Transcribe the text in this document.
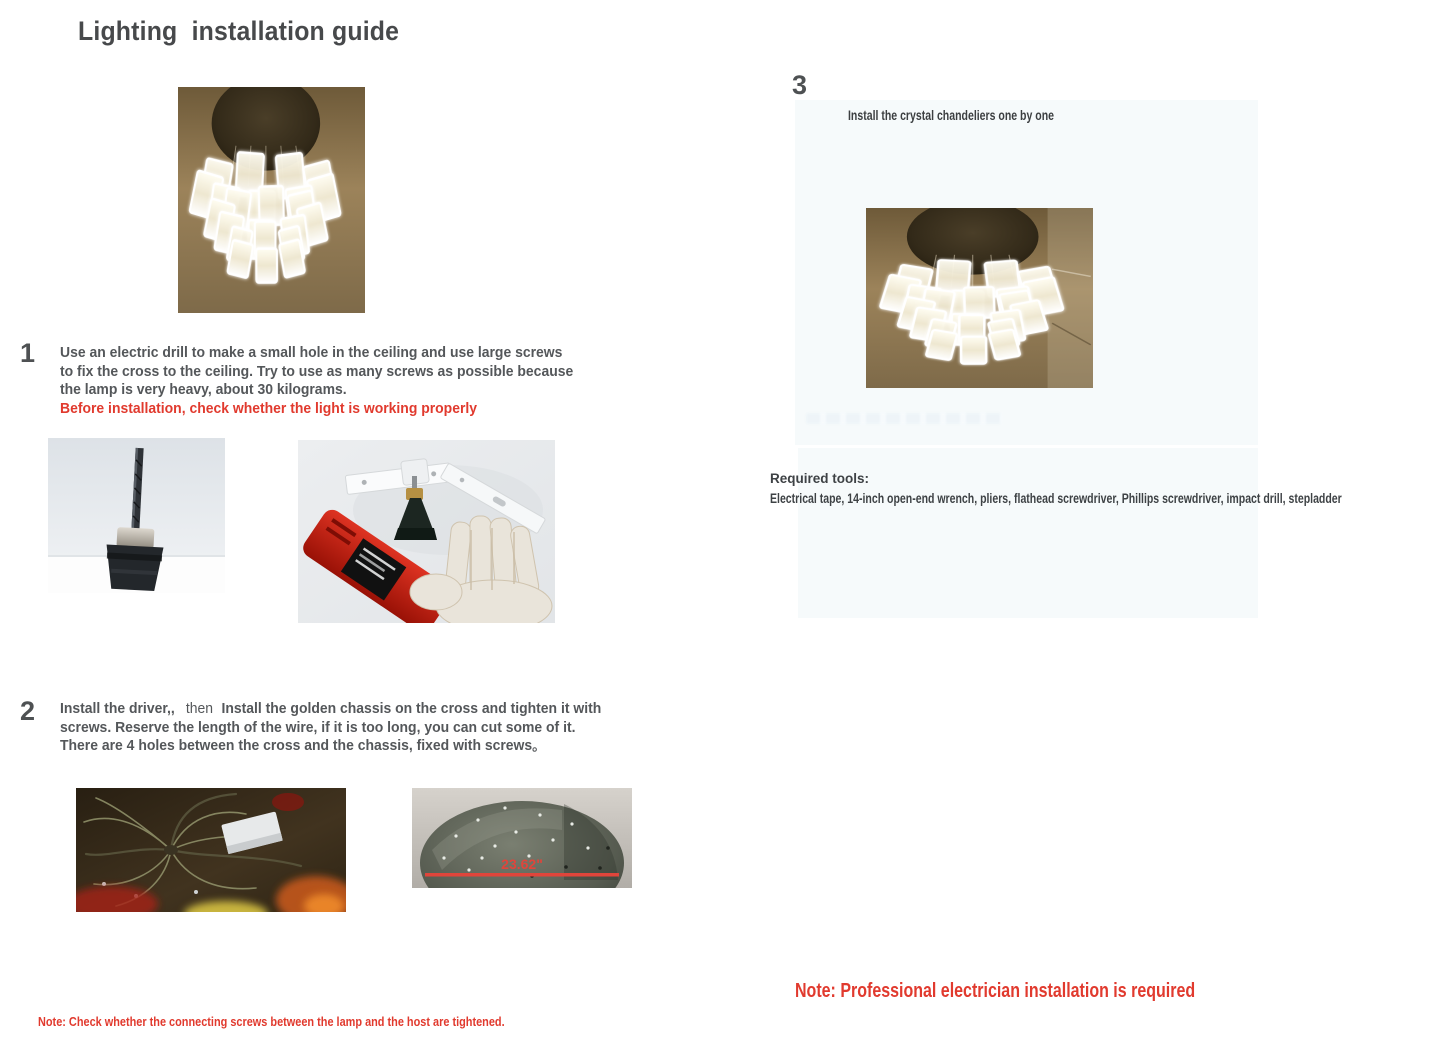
Lighting  installation guide
1 Use an electric drill to make a small hole in the ceiling and use large screws
to fix the cross to the ceiling. Try to use as many screws as possible because
the lamp is very heavy, about 30 kilograms.
Before installation, check whether the light is working properly
2 Install the driver,, then Install the golden chassis on the cross and tighten it with
screws. Reserve the length of the wire, if it is too long, you can cut some of it.
There are 4 holes between the cross and the chassis, fixed with screws。
23.62"
Note: Check whether the connecting screws between the lamp and the host are tightened.
3
Install the crystal chandeliers one by one
Required tools:
Electrical tape, 14-inch open-end wrench, pliers, flathead screwdriver, Phillips screwdriver, impact drill, stepladder
Note: Professional electrician installation is required
